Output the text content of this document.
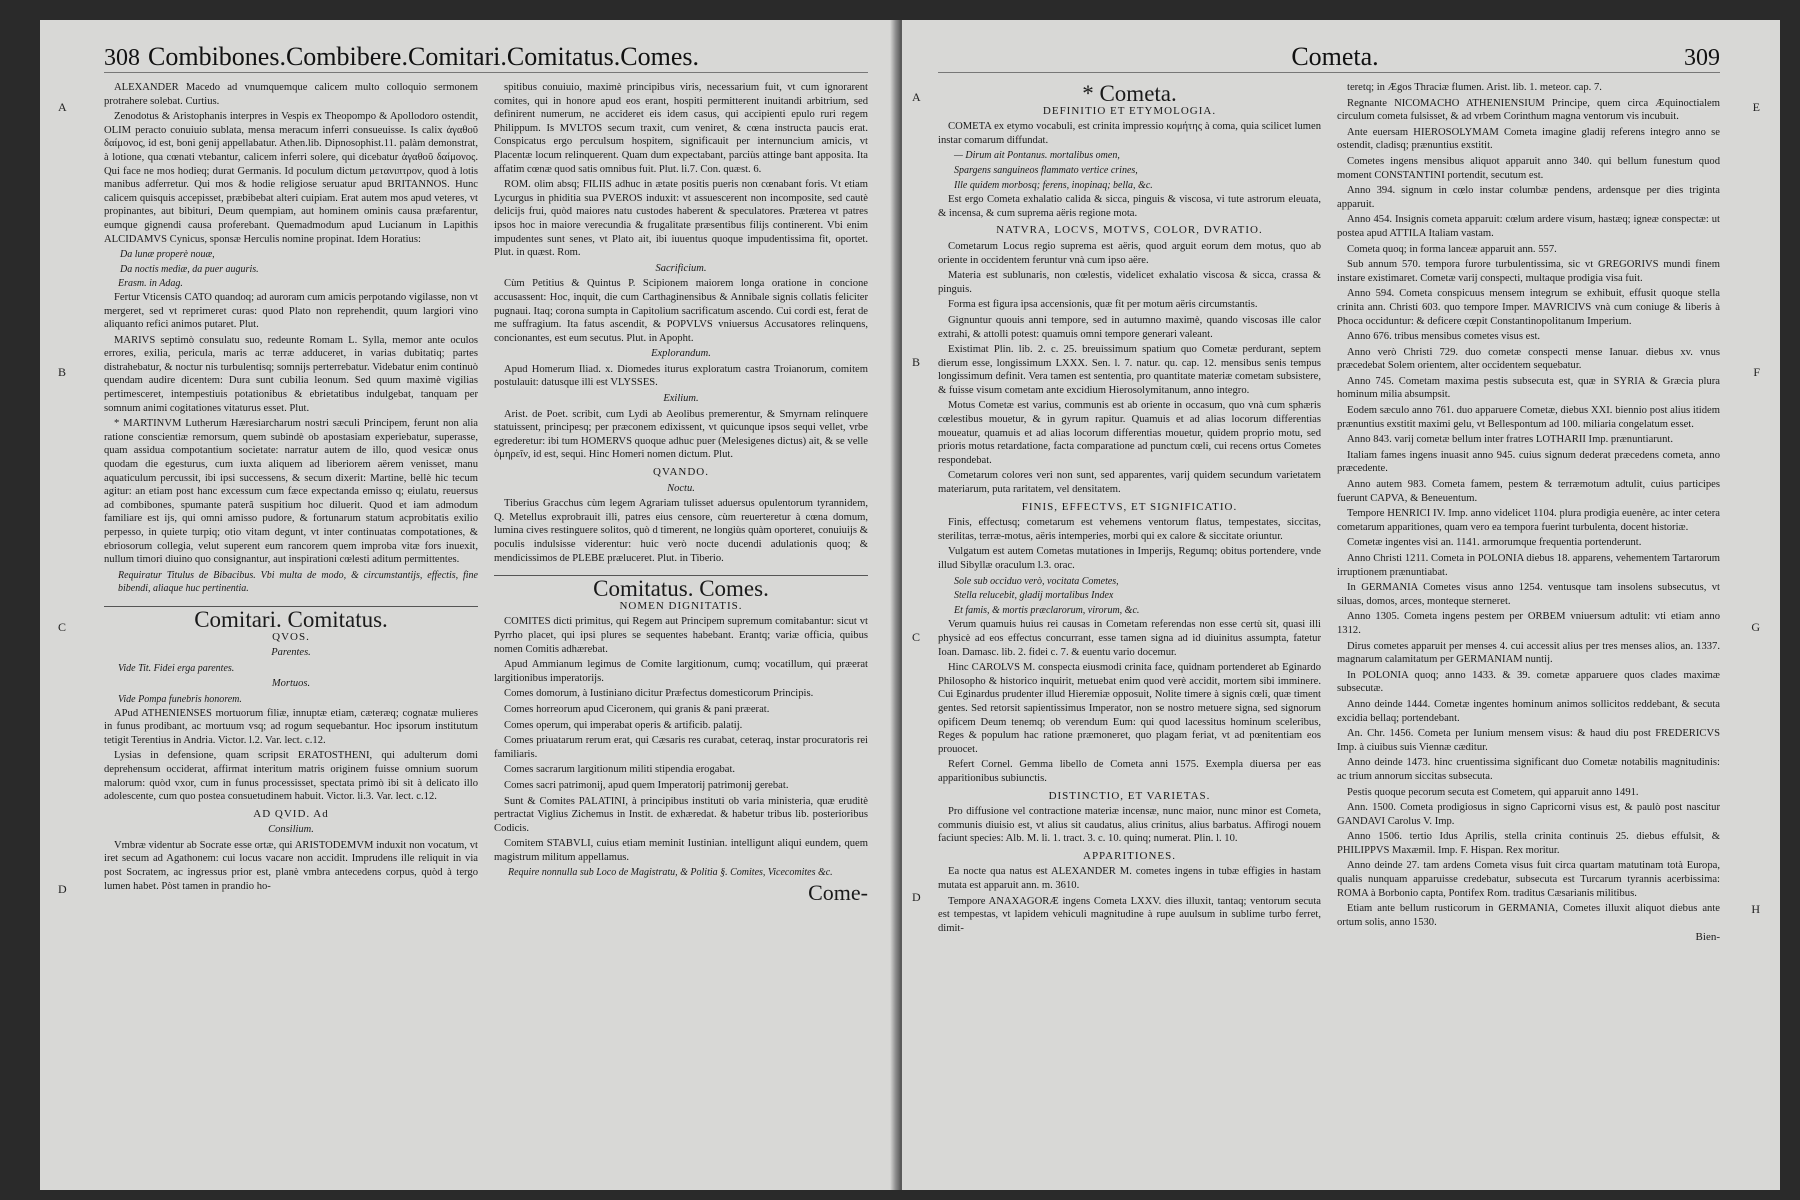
308 Combibones.Combibere.Comitari.Comitatus.Comes.

ALEXANDER Macedo ad vnumquemque calicem multo colloquio sermonem protrahere solebat. Curtius.

Zenodotus & Aristophanis interpres in Vespis ex Theopompo & Apollodoro ostendit, OLIM peracto conuiuio sublata, mensa meracum inferri consueuisse. Is calix ἀγαθοῦ δαίμονος, id est, boni genij appellabatur. Athen.lib. Dipnosophist.11. palàm demonstrat, à lotione, qua cœnati vtebantur, calicem inferri solere, qui dicebatur ἀγαθοῦ δαίμονος. Qui face ne mos hodieq; durat Germanis. Id poculum dictum μετανιπτρον, quod à lotis manibus adferretur. Qui mos & hodie religiose seruatur apud BRITANNOS. Hunc calicem quisquis accepisset, præbibebat alteri cuipiam. Erat autem mos apud veteres, vt propinantes, aut bibituri, Deum quempiam, aut hominem ominis causa præfarentur, eumque gignendi causa proferebant. Quemadmodum apud Lucianum in Lapithis ALCIDAMVS Cynicus, sponsæ Herculis nomine propinat. Idem Horatius:

Da lunæ properè nouæ,
Da noctis mediæ, da puer auguris.
Erasm. in Adag.

Fertur Vticensis CATO quandoq; ad auroram cum amicis perpotando vigilasse, non vt mergeret, sed vt reprimeret curas: quod Plato non reprehendit, quum largiori vino aliquanto refici animos putaret. Plut.

MARIVS septimò consulatu suo, redeunte Romam L. Sylla, memor ante oculos errores, exilia, pericula, maris ac terræ adduceret, in varias dubitatiq; partes distrahebatur, & noctur nis turbulentisq; somnijs perterrebatur. Videbatur enim continuò quendam audire dicentem: Dura sunt cubilia leonum. Sed quum maximè vigilias pertimesceret, intempestiuis potationibus & ebrietatibus indulgebat, tanquam per somnum animi cogitationes vitaturus esset. Plut.

* MARTINVM Lutherum Hæresiarcharum nostri sæculi Principem, ferunt non alia ratione conscientiæ remorsum, quem subindè ob apostasiam experiebatur, superasse, quam assidua compotantium societate: narratur autem de illo, quod vesicæ onus quodam die egesturus, cum iuxta aliquem ad liberiorem aërem venisset, manu aquaticulum percussit, ibi ipsi successens, & secum dixerit: Martine, bellè hic tecum agitur: an etiam post hanc excessum cum fæce expectanda emisso q; eiulatu, reuersus ad combibones, spumante paterâ suspitium hoc diluerit. Quod et iam admodum familiare est ijs, qui omni amisso pudore, & fortunarum statum acprobitatis exilio perpesso, in quiete turpiq; otio vitam degunt, vt inter continuatas compotationes, & ebriosorum collegia, velut superent eum rancorem quem improba vitæ fors inuexit, nullum timori diuino quo consignantur, aut inspirationi cœlesti aditum permittentes.

Requiratur Titulus de Bibacibus. Vbi multa de modo, & circumstantijs, effectis, fine bibendi, aliaque huc pertinentia.
Comitari. Comitatus.
QVOS.
Parentes.
Vide Tit. Fidei erga parentes.
Mortuos.
Vide Pompa funebris honorem.

APud ATHENIENSES mortuorum filiæ, innuptæ etiam, cæteræq; cognatæ mulieres in funus prodibant, ac mortuum vsq; ad rogum sequebantur. Hoc ipsorum institutum tetigit Terentius in Andria. Victor. l.2. Var. lect. c.12.

Lysias in defensione, quam scripsit ERATOSTHENI, qui adulterum domi deprehensum occiderat, affirmat interitum matris originem fuisse omnium suorum malorum: quòd vxor, cum in funus processisset, spectata primò ibi sit à delicato illo adolescente, cum quo postea consuetudinem habuit. Victor. li.3. Var. lect. c.12.

AD QVID. Ad
Consilium.

Vmbræ videntur ab Socrate esse ortæ, qui ARISTODEMVM induxit non vocatum, vt iret secum ad Agathonem: cui locus vacare non accidit. Imprudens ille reliquit in via post Socratem, ac ingressus prior est, planè vmbra antecedens corpus, quòd à tergo lumen habet. Pòst tamen in prandio ho-

spitibus conuiuio, maximè principibus viris, necessarium fuit, vt cum ignorarent comites, qui in honore apud eos erant, hospiti permitterent inuitandi arbitrium, sed definirent numerum, ne accideret eis idem casus, qui accipienti epulo ruri regem Philippum. Is MVLTOS secum traxit, cum veniret, & cœna instructa paucis erat. Conspicatus ergo perculsum hospitem, significauit per internuncium amicis, vt Placentæ locum relinquerent. Quam dum expectabant, parciùs attinge bant apposita. Ita affatim cœnæ quod satis omnibus fuit. Plut. li.7. Con. quæst. 6.

ROM. olim absq; FILIIS adhuc in ætate positis pueris non cœnabant foris. Vt etiam Lycurgus in phiditia sua PVEROS induxit: vt assuescerent non incomposite, sed cautè delicijs frui, quòd maiores natu custodes haberent & speculatores. Præterea vt patres ipsos hoc in maiore verecundia & frugalitate præsentibus filijs continerent. Vbi enim impudentes sunt senes, vt Plato ait, ibi iuuentus quoque impudentissima fit, oportet. Plut. in quæst. Rom.

Sacrificium.

Cùm Petitius & Quintus P. Scipionem maiorem longa oratione in concione accusassent: Hoc, inquit, die cum Carthaginensibus & Annibale signis collatis feliciter pugnaui. Itaq; corona sumpta in Capitolium sacrificatum ascendo. Cui cordi est, ferat de me suffragium. Ita fatus ascendit, & POPVLVS vniuersus Accusatores relinquens, concionantes, est eum secutus. Plut. in Apopht.

Explorandum.

Apud Homerum Iliad. x. Diomedes iturus exploratum castra Troianorum, comitem postulauit: datusque illi est VLYSSES.

Exilium.

Arist. de Poet. scribit, cum Lydi ab Aeolibus premerentur, & Smyrnam relinquere statuissent, principesq; per præconem edixissent, vt quicunque ipsos sequi vellet, vrbe egrederetur: ibi tum HOMERVS quoque adhuc puer (Melesigenes dictus) ait, & se velle ὁμηρεῖν, id est, sequi. Hinc Homeri nomen dictum. Plut.

QVANDO.
Noctu.

Tiberius Gracchus cùm legem Agrariam tulisset aduersus opulentorum tyrannidem, Q. Metellus exprobrauit illi, patres eius censore, cùm reuerteretur à cœna domum, lumina cives restinguere solitos, quò d timerent, ne longiùs quàm oporteret, conuiuijs & poculis indulsisse viderentur: huic verò nocte ducendi adulationis quoq; & mendicissimos de PLEBE præluceret. Plut. in Tiberio.

Comitatus. Comes.
NOMEN DIGNITATIS.

COMITES dicti primitus, qui Regem aut Principem supremum comitabantur: sicut vt Pyrrho placet, qui ipsi plures se sequentes habebant. Erantq; variæ officia, quibus nomen Comitis adhærebat.

Apud Ammianum legimus de Comite largitionum, cumq; vocatillum, qui præerat largitionibus imperatorijs.

Comes domorum, à Iustiniano dicitur Præfectus domesticorum Principis.

Comes horreorum apud Ciceronem, qui granis & pani præerat.

Comes operum, qui imperabat operis & artificib. palatij.

Comes priuatarum rerum erat, qui Cæsaris res curabat, ceteraq, instar procuratoris rei familiaris.

Comes sacrarum largitionum militi stipendia erogabat.

Comes sacri patrimonij, apud quem Imperatorij patrimonij gerebat.

Sunt & Comites PALATINI, à principibus instituti ob varia ministeria, quæ eruditè pertractat Viglius Zichemus in Instit. de exhæredat. & habetur tribus lib. posterioribus Codicis.

Comitem STABVLI, cuius etiam meminit Iustinian. intelligunt aliqui eundem, quem magistrum militum appellamus.

Require nonnulla sub Loco de Magistratu, & Politia §. Comites, Vicecomites &c.
Come-
A
B
C
D
Cometa.	309
* Cometa.
DEFINITIO ET ETYMOLOGIA.

COMETA ex etymo vocabuli, est crinita impressio κομήτης à coma, quia scilicet lumen instar comarum diffundat.

— Dirum ait Pontanus. mortalibus omen,
Spargens sanguineos flammato vertice crines,
Ille quidem morbosq; ferens, inopinaq; bella, &c.

Est ergo Cometa exhalatio calida & sicca, pinguis & viscosa, vi tute astrorum eleuata, & incensa, & cum suprema aëris regione mota.

NATVRA, LOCVS, MOTVS, COLOR, DVRATIO.

Cometarum Locus regio suprema est aëris, quod arguit eorum dem motus, quo ab oriente in occidentem feruntur vnà cum ipso aëre.

Materia est sublunaris, non cœlestis, videlicet exhalatio viscosa & sicca, crassa & pinguis.

Forma est figura ipsa accensionis, quæ fit per motum aëris circumstantis.

Gignuntur quouis anni tempore, sed in autumno maximè, quando viscosas ille calor extrahi, & attolli potest: quamuis omni tempore generari valeant.

Existimat Plin. lib. 2. c. 25. breuissimum spatium quo Cometæ perdurant, septem dierum esse, longissimum LXXX. Sen. l. 7. natur. qu. cap. 12. mensibus senis tempus longissimum definit. Vera tamen est sententia, pro quantitate materiæ cometam subsistere, & fuisse visum cometam ante excidium Hierosolymitanum, anno integro.

Motus Cometæ est varius, communis est ab oriente in occasum, quo vnà cum sphæris cœlestibus mouetur, & in gyrum rapitur. Quamuis et ad alias locorum differentias moueatur, quamuis et ad alias locorum differentias mouetur, quidem proprio motu, sed prioris motus retardatione, facta comparatione ad punctum cœli, cui recens ortus Cometes respondebat.

Cometarum colores veri non sunt, sed apparentes, varij quidem secundum varietatem materiarum, puta raritatem, vel densitatem.

FINIS, EFFECTVS, ET SIGNIFICATIO.

Finis, effectusq; cometarum est vehemens ventorum flatus, tempestates, siccitas, sterilitas, terræ-motus, aëris intemperies, morbi qui ex calore & siccitate oriuntur.

Vulgatum est autem Cometas mutationes in Imperijs, Regumq; obitus portendere, vnde illud Sibyllæ oraculum l.3. orac.

Sole sub occiduo verò, vocitata Cometes,
Stella relucebit, gladij mortalibus Index
Et famis, & mortis præclarorum, virorum, &c.

Verum quamuis huius rei causas in Cometam referendas non esse certù sit, quasi illi physicè ad eos effectus concurrant, esse tamen signa ad id diuinitus assumpta, fatetur Ioan. Damasc. lib. 2. fidei c. 7. & euentu vario docemur.

Hinc CAROLVS M. conspecta eiusmodi crinita face, quidnam portenderet ab Eginardo Philosopho & historico inquirit, metuebat enim quod verè accidit, mortem sibi imminere. Cui Eginardus prudenter illud Hieremiæ opposuit, Nolite timere à signis cœli, quæ timent gentes. Sed retorsit sapientissimus Imperator, non se nostro metuere signa, sed signorum opificem Deum tenemq; ob verendum Eum: qui quod lacessitus hominum sceleribus, Reges & populum hac ratione præmoneret, quo plagam feriat, vt ad pœnitentiam eos prouocet.

Refert Cornel. Gemma libello de Cometa anni 1575. Exempla diuersa per eas apparitionibus subiunctis.

DISTINCTIO, ET VARIETAS.

Pro diffusione vel contractione materiæ incensæ, nunc maior, nunc minor est Cometa, communis diuisio est, vt alius sit caudatus, alius crinitus, alius barbatus. Affirogi nouem faciunt species: Alb. M. li. 1. tract. 3. c. 10. quinq; numerat. Plin. l. 10.

APPARITIONES.

Ea nocte qua natus est ALEXANDER M. cometes ingens in tubæ effigies in hastam mutata est apparuit ann. m. 3610.

Tempore ANAXAGORÆ ingens Cometa LXXV. dies illuxit, tantaq; ventorum secuta est tempestas, vt lapidem vehiculi magnitudine à rupe auulsum in sublime turbo ferret, dimit-

teretq; in Ægos Thraciæ flumen. Arist. lib. 1. meteor. cap. 7.

Regnante NICOMACHO ATHENIENSIUM Principe, quem circa Æquinoctialem circulum cometa fulsisset, & ad vrbem Corinthum magna ventorum vis incubuit.

Ante euersam HIEROSOLYMAM Cometa imagine gladij referens integro anno se ostendit, cladisq; prænuntius exstitit.

Cometes ingens mensibus aliquot apparuit anno 340. qui bellum funestum quod moment CONSTANTINI portendit, secutum est.

Anno 394. signum in cœlo instar columbæ pendens, ardensque per dies triginta apparuit.

Anno 454. Insignis cometa apparuit: cœlum ardere visum, hastæq; igneæ conspectæ: ut postea apud ATTILA Italiam vastam.

Cometa quoq; in forma lanceæ apparuit ann. 557.

Sub annum 570. tempora furore turbulentissima, sic vt GREGORIVS mundi finem instare existimaret. Cometæ varij conspecti, multaque prodigia visa fuit.

Anno 594. Cometa conspicuus mensem integrum se exhibuit, effusit quoque stella crinita ann. Christi 603. quo tempore Imper. MAVRICIVS vnà cum coniuge & liberis à Phoca occiduntur: & deficere cœpit Constantinopolitanum Imperium.

Anno 676. tribus mensibus cometes visus est.

Anno verò Christi 729. duo cometæ conspecti mense Ianuar. diebus xv. vnus præcedebat Solem orientem, alter occidentem sequebatur.

Anno 745. Cometam maxima pestis subsecuta est, quæ in SYRIA & Græcia plura hominum milia absumpsit.

Eodem sæculo anno 761. duo apparuere Cometæ, diebus XXI. biennio post alius itidem prænuntius exstitit maximi gelu, vt Bellespontum ad 100. miliaria congelatum esset.

Anno 843. varij cometæ bellum inter fratres LOTHARII Imp. prænuntiarunt.

Italiam fames ingens inuasit anno 945. cuius signum dederat præcedens cometa, anno præcedente.

Anno autem 983. Cometa famem, pestem & terræmotum adtulit, cuius participes fuerunt CAPVA, & Beneuentum.

Tempore HENRICI IV. Imp. anno videlicet 1104. plura prodigia euenère, ac inter cetera cometarum apparitiones, quam vero ea tempora fuerint turbulenta, docent historiæ.

Cometæ ingentes visi an. 1141. armorumque frequentia portenderunt.

Anno Christi 1211. Cometa in POLONIA diebus 18. apparens, vehementem Tartarorum irruptionem prænuntiabat.

In GERMANIA Cometes visus anno 1254. ventusque tam insolens subsecutus, vt siluas, domos, arces, monteque sterneret.

Anno 1305. Cometa ingens pestem per ORBEM vniuersum adtulit: vti etiam anno 1312.

Dirus cometes apparuit per menses 4. cui accessit alius per tres menses alios, an. 1337. magnarum calamitatum per GERMANIAM nuntij.

In POLONIA quoq; anno 1433. & 39. cometæ apparuere quos clades maximæ subsecutæ.

Anno deinde 1444. Cometæ ingentes hominum animos sollicitos reddebant, & secuta excidia bellaq; portendebant.

An. Chr. 1456. Cometa per Iunium mensem visus: & haud diu post FREDERICVS Imp. à ciuibus suis Viennæ cæditur.

Anno deinde 1473. hinc cruentissima significant duo Cometæ notabilis magnitudinis: ac trium annorum siccitas subsecuta.

Pestis quoque pecorum secuta est Cometem, qui apparuit anno 1491.

Ann. 1500. Cometa prodigiosus in signo Capricorni visus est, & paulò post nascitur GANDAVI Carolus V. Imp.

Anno 1506. tertio Idus Aprilis, stella crinita continuis 25. diebus effulsit, & PHILIPPVS Maxæmil. Imp. F. Hispan. Rex moritur.

Anno deinde 27. tam ardens Cometa visus fuit circa quartam matutinam totà Europa, qualis nunquam apparuisse credebatur, subsecuta est Turcarum tyrannis acerbissima: ROMA à Borbonio capta, Pontifex Rom. traditus Cæsarianis militibus.

Etiam ante bellum rusticorum in GERMANIA, Cometes illuxit aliquot diebus ante ortum solis, anno 1530.

Bien-
A
B
C
D
E
F
G
H
